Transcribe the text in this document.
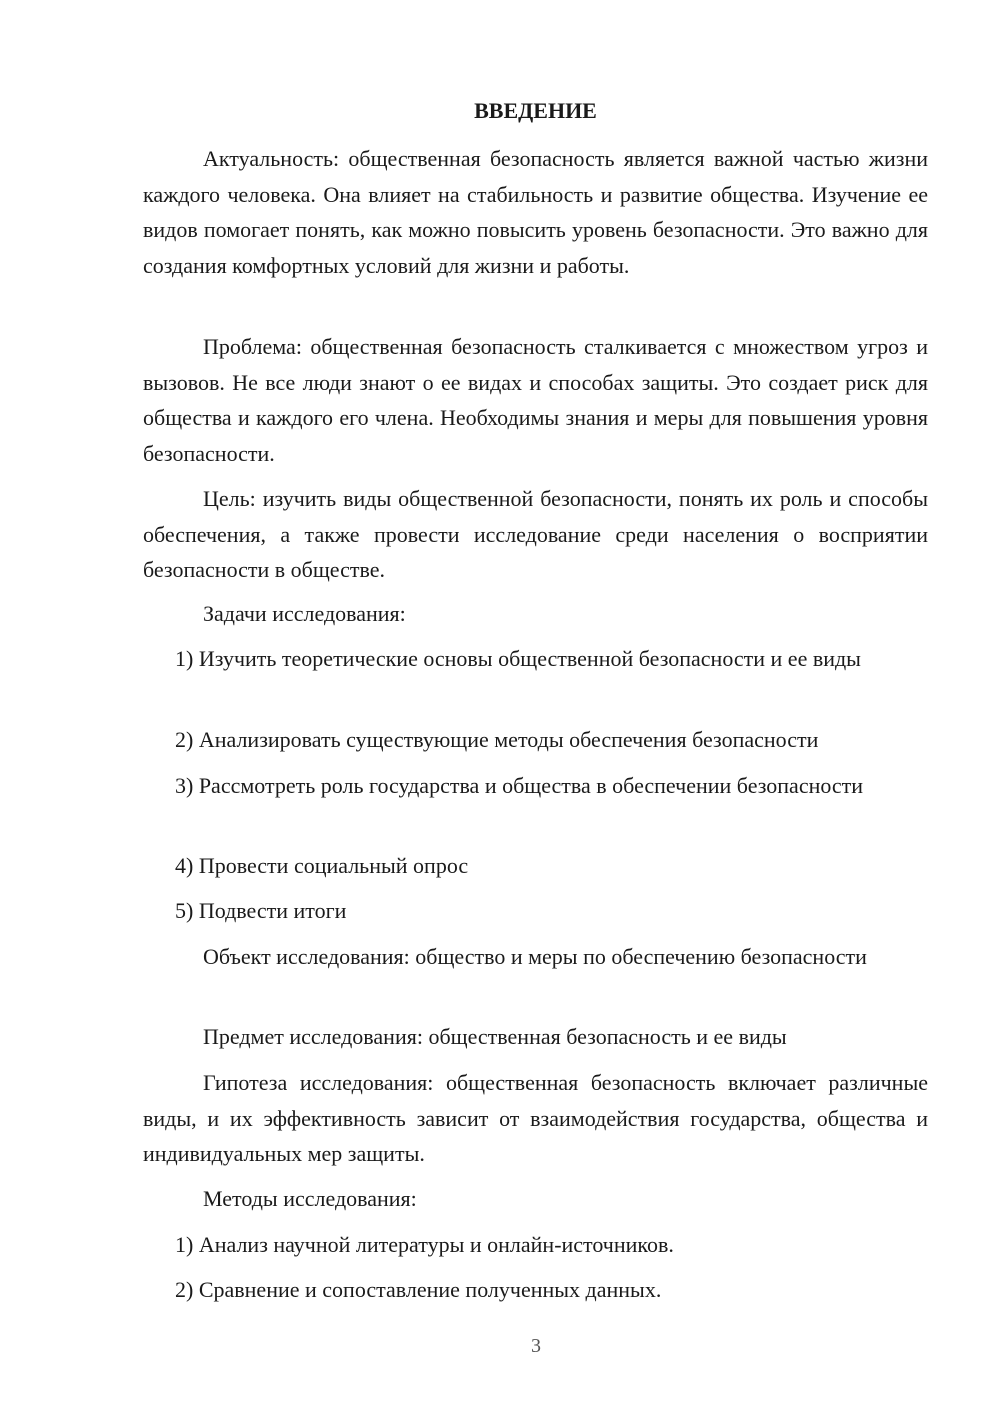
ВВЕДЕНИЕ

Актуальность: общественная безопасность является важной частью жизни каждого человека. Она влияет на стабильность и развитие общества. Изучение ее видов помогает понять, как можно повысить уровень безопасности. Это важно для создания комфортных условий для жизни и работы.

Проблема: общественная безопасность сталкивается с множеством угроз и вызовов. Не все люди знают о ее видах и способах защиты. Это создает риск для общества и каждого его члена. Необходимы знания и меры для повышения уровня безопасности.

Цель: изучить виды общественной безопасности, понять их роль и способы обеспечения, а также провести исследование среди населения о восприятии безопасности в обществе.

Задачи исследования:

1) Изучить теоретические основы общественной безопасности и ее виды

2) Анализировать существующие методы обеспечения безопасности

3) Рассмотреть роль государства и общества в обеспечении безопасности

4) Провести социальный опрос

5) Подвести итоги

Объект исследования: общество и меры по обеспечению безопасности

Предмет исследования: общественная безопасность и ее виды

Гипотеза исследования: общественная безопасность включает различные виды, и их эффективность зависит от взаимодействия государства, общества и индивидуальных мер защиты.

Методы исследования:

1) Анализ научной литературы и онлайн-источников.

2) Сравнение и сопоставление полученных данных.

3
